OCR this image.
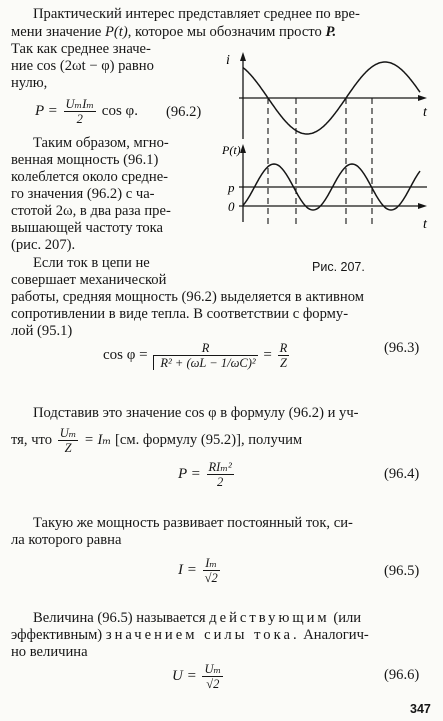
Практический интерес представляет среднее по вре-
мени значение P(t), которое мы обозначим просто P.
Так как среднее значе-
ние cos (2ωt − φ) равно
нулю,
$P = \frac{\text{UₘIₘ}}{2}$ cos φ. (96.2)
Таким образом, мгно-
венная мощность (96.1)
колеблется около средне-
го значения (96.2) с ча-
стотой 2ω, в два раза пре-
вышающей частоту тока
(рис. 207).
Если ток в цепи не
совершает механической
i
t
P(t)
p
0
t
Рис. 207.
работы, средняя мощность (96.2) выделяется в активном
сопротивлении в виде тепла. В соответствии с форму-
лой (95.1)
$\cos \varphi = \frac{R}{\text{R² + (ωL − 1/ωC)²}} = \frac{R}{Z}$	(96.3)
Подставив это значение cos φ в формулу (96.2) и уч-
тя, что $\frac{\text{Uₘ}}{Z} = I_m$ [см. формулу (95.2)], получим
$P = \frac{\text{RIₘ²}}{2}$	(96.4)
Такую же мощность развивает постоянный ток, си-
ла которого равна
$I = \frac{\text{Iₘ}}{√2}$	(96.5)
Величина (96.5) называется действующим (или
эффективным) значением силы тока. Аналогич-
но величина
$U = \frac{\text{Uₘ}}{√2}$	(96.6)
347
